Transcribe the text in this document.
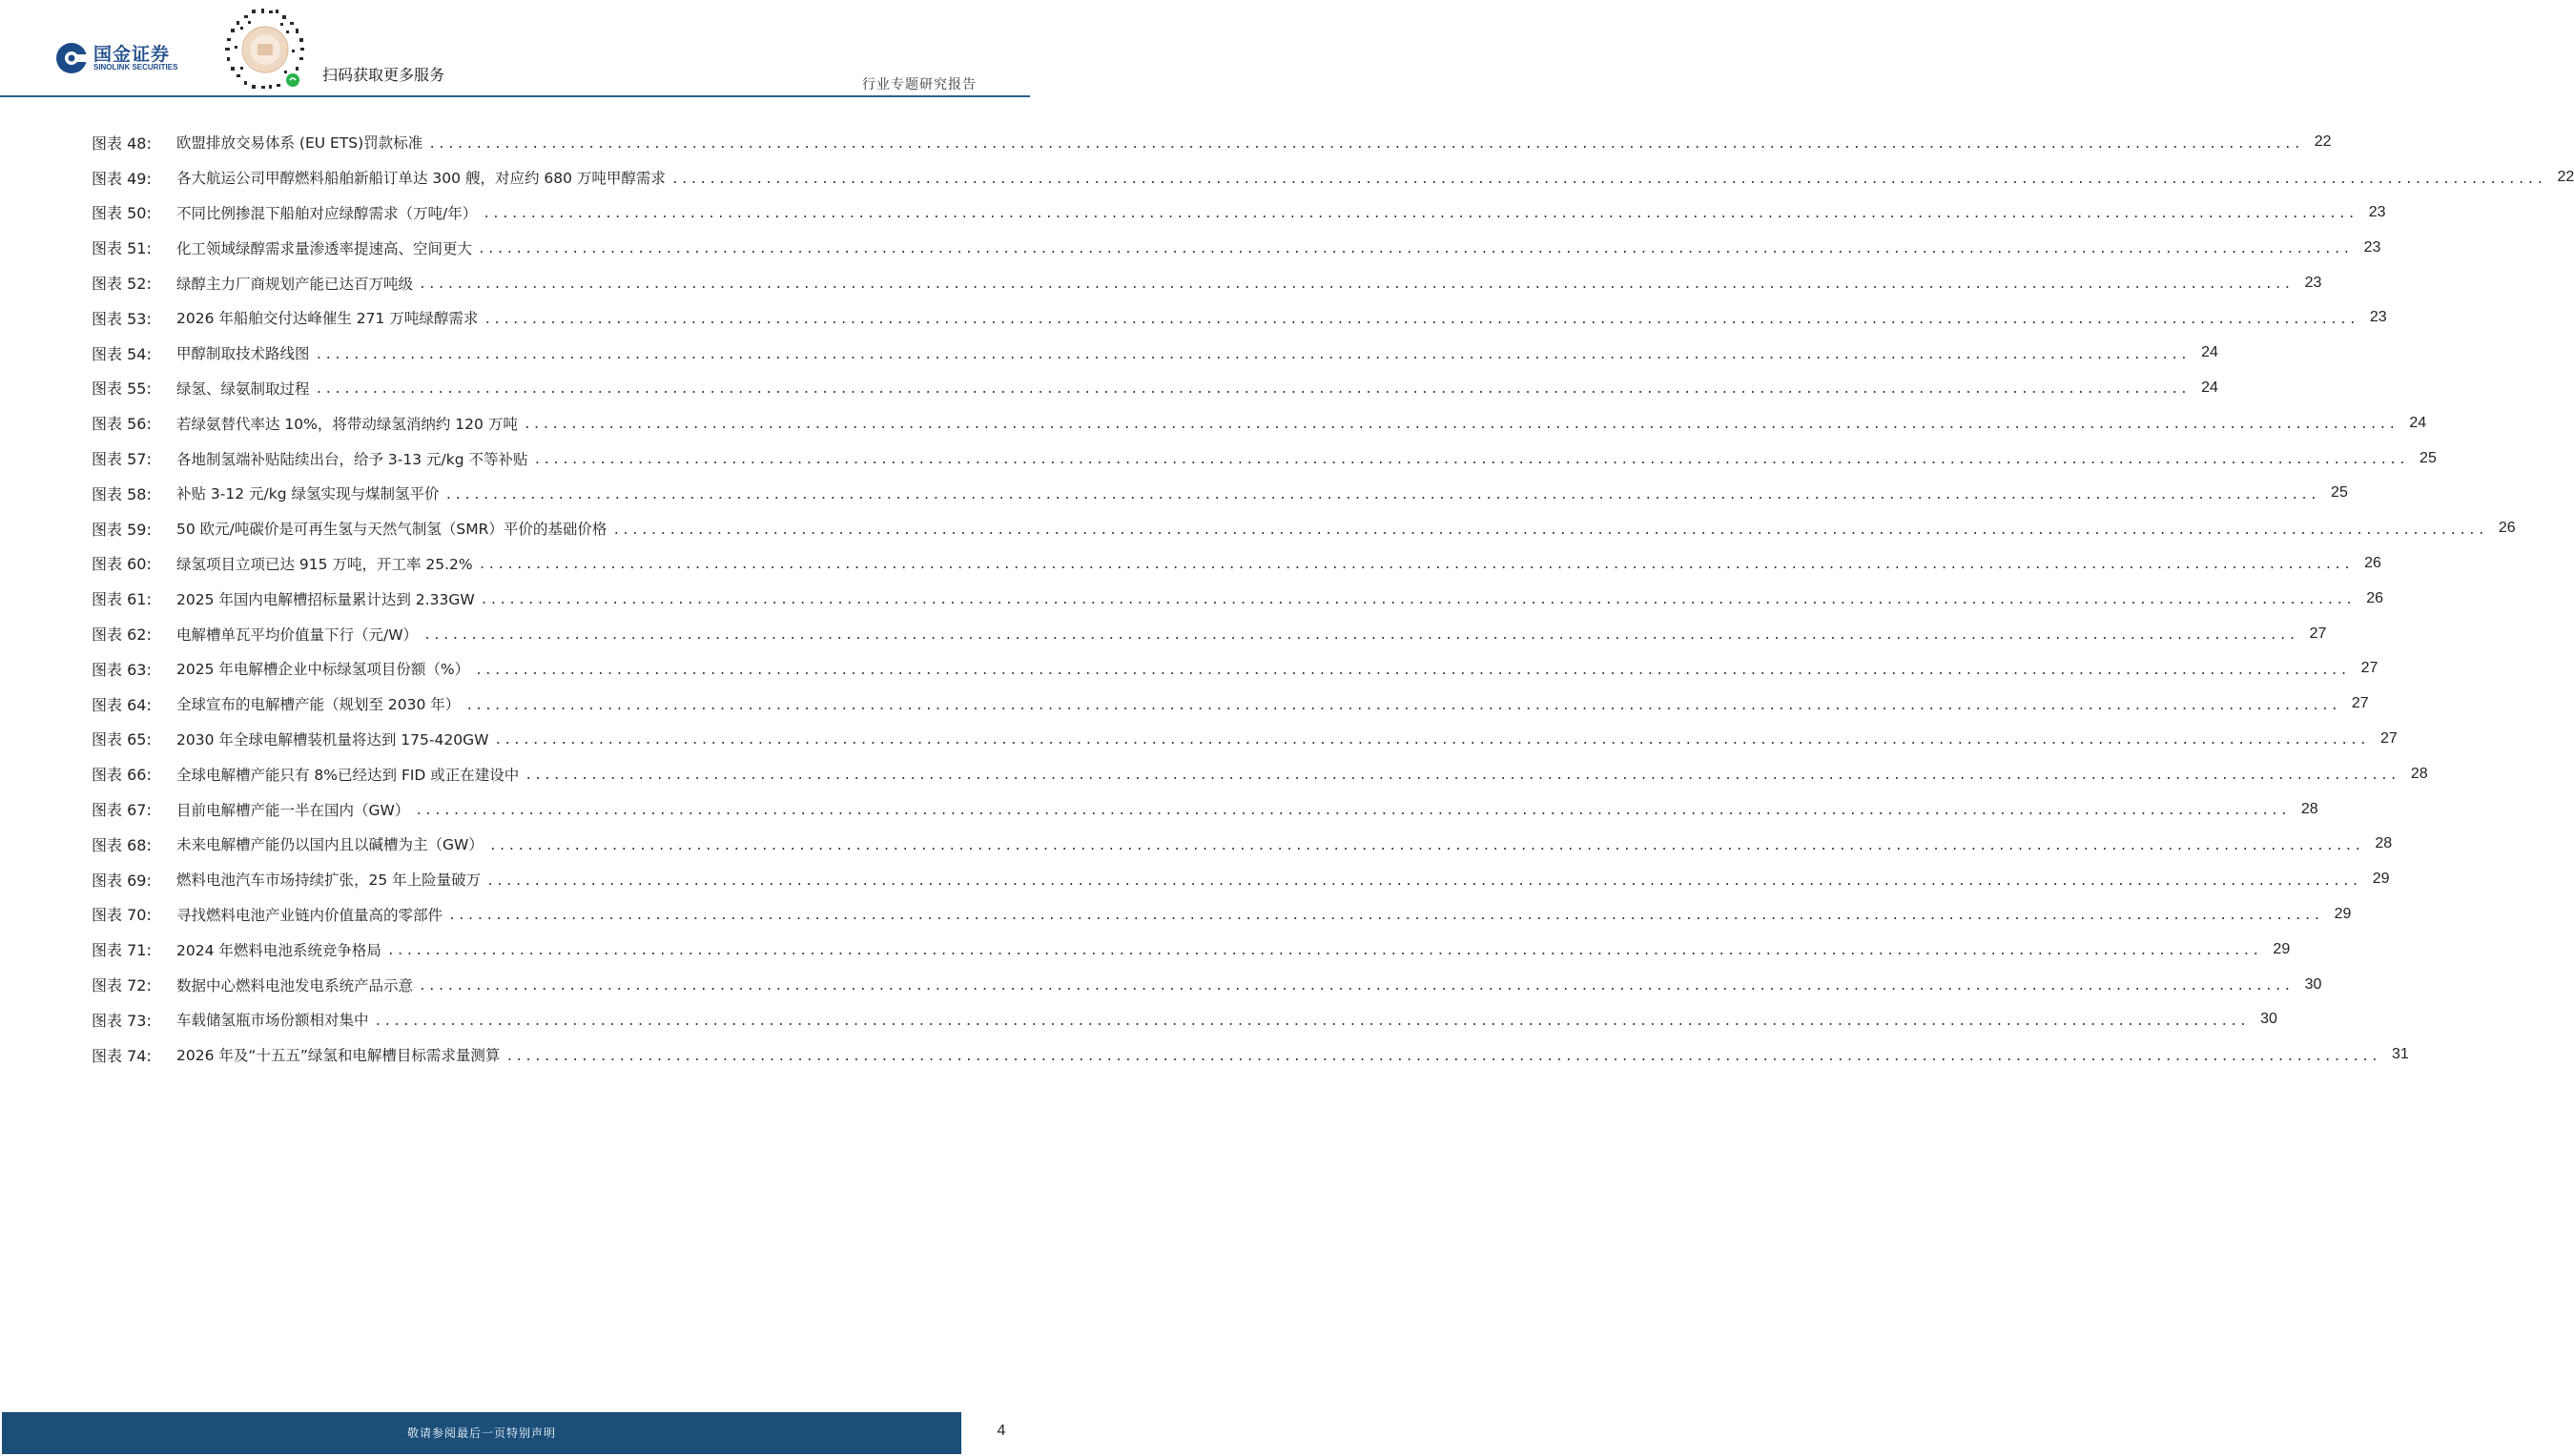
国金证券
SINOLINK SECURITIES	扫码获取更多服务
行业专题研究报告
图表 48:	欧盟排放交易体系 (EU ETS)罚款标准 ........................................................................................................................................................................................................ 22
图表 49:	各大航运公司甲醇燃料船舶新船订单达 300 艘，对应约 680 万吨甲醇需求 ........................................................................................................................................................................................................ 22
图表 50:	不同比例掺混下船舶对应绿醇需求（万吨/年） ........................................................................................................................................................................................................ 23
图表 51:	化工领域绿醇需求量渗透率提速高、空间更大 ........................................................................................................................................................................................................ 23
图表 52:	绿醇主力厂商规划产能已达百万吨级 ........................................................................................................................................................................................................ 23
图表 53:	2026 年船舶交付达峰催生 271 万吨绿醇需求 ........................................................................................................................................................................................................ 23
图表 54:	甲醇制取技术路线图 ........................................................................................................................................................................................................ 24
图表 55:	绿氢、绿氨制取过程 ........................................................................................................................................................................................................ 24
图表 56:	若绿氨替代率达 10%，将带动绿氢消纳约 120 万吨 ........................................................................................................................................................................................................ 24
图表 57:	各地制氢端补贴陆续出台，给予 3-13 元/kg 不等补贴 ........................................................................................................................................................................................................ 25
图表 58:	补贴 3-12 元/kg 绿氢实现与煤制氢平价 ........................................................................................................................................................................................................ 25
图表 59:	50 欧元/吨碳价是可再生氢与天然气制氢（SMR）平价的基础价格 ........................................................................................................................................................................................................ 26
图表 60:	绿氢项目立项已达 915 万吨，开工率 25.2% ........................................................................................................................................................................................................ 26
图表 61:	2025 年国内电解槽招标量累计达到 2.33GW ........................................................................................................................................................................................................ 26
图表 62:	电解槽单瓦平均价值量下行（元/W） ........................................................................................................................................................................................................ 27
图表 63:	2025 年电解槽企业中标绿氢项目份额（%） ........................................................................................................................................................................................................ 27
图表 64:	全球宣布的电解槽产能（规划至 2030 年） ........................................................................................................................................................................................................ 27
图表 65:	2030 年全球电解槽装机量将达到 175-420GW ........................................................................................................................................................................................................ 27
图表 66:	全球电解槽产能只有 8%已经达到 FID 或正在建设中 ........................................................................................................................................................................................................ 28
图表 67:	目前电解槽产能一半在国内（GW） ........................................................................................................................................................................................................ 28
图表 68:	未来电解槽产能仍以国内且以碱槽为主（GW） ........................................................................................................................................................................................................ 28
图表 69:	燃料电池汽车市场持续扩张，25 年上险量破万 ........................................................................................................................................................................................................ 29
图表 70:	寻找燃料电池产业链内价值量高的零部件 ........................................................................................................................................................................................................ 29
图表 71:	2024 年燃料电池系统竞争格局 ........................................................................................................................................................................................................ 29
图表 72:	数据中心燃料电池发电系统产品示意 ........................................................................................................................................................................................................ 30
图表 73:	车载储氢瓶市场份额相对集中 ........................................................................................................................................................................................................ 30
图表 74:	2026 年及“十五五”绿氢和电解槽目标需求量测算 ........................................................................................................................................................................................................ 31
敬请参阅最后一页特别声明	4
